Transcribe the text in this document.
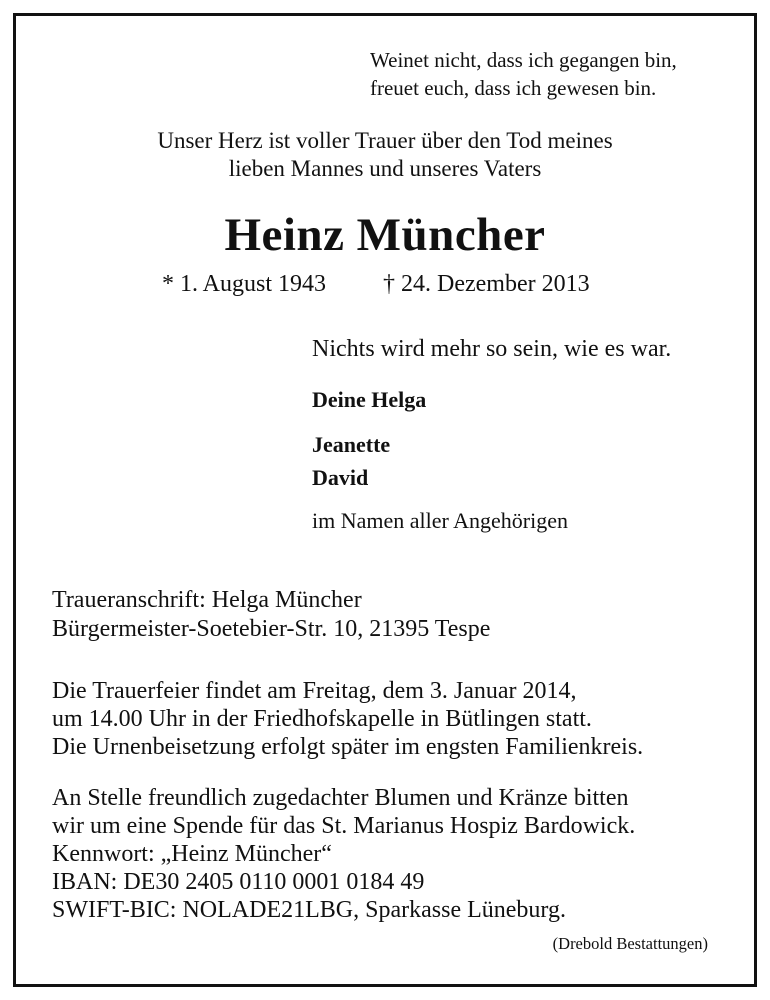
Weinet nicht, dass ich gegangen bin,
freuet euch, dass ich gewesen bin.
Unser Herz ist voller Trauer über den Tod meines
lieben Mannes und unseres Vaters
Heinz Müncher
* 1. August 1943 † 24. Dezember 2013
Nichts wird mehr so sein, wie es war.
Deine Helga
Jeanette
David
im Namen aller Angehörigen
Traueranschrift: Helga Müncher
Bürgermeister-Soetebier-Str. 10, 21395 Tespe
Die Trauerfeier findet am Freitag, dem 3. Januar 2014,
um 14.00 Uhr in der Friedhofskapelle in Bütlingen statt.
Die Urnenbeisetzung erfolgt später im engsten Familienkreis.
An Stelle freundlich zugedachter Blumen und Kränze bitten
wir um eine Spende für das St. Marianus Hospiz Bardowick.
Kennwort: „Heinz Müncher“
IBAN: DE30 2405 0110 0001 0184 49
SWIFT-BIC: NOLADE21LBG, Sparkasse Lüneburg.
(Drebold Bestattungen)
